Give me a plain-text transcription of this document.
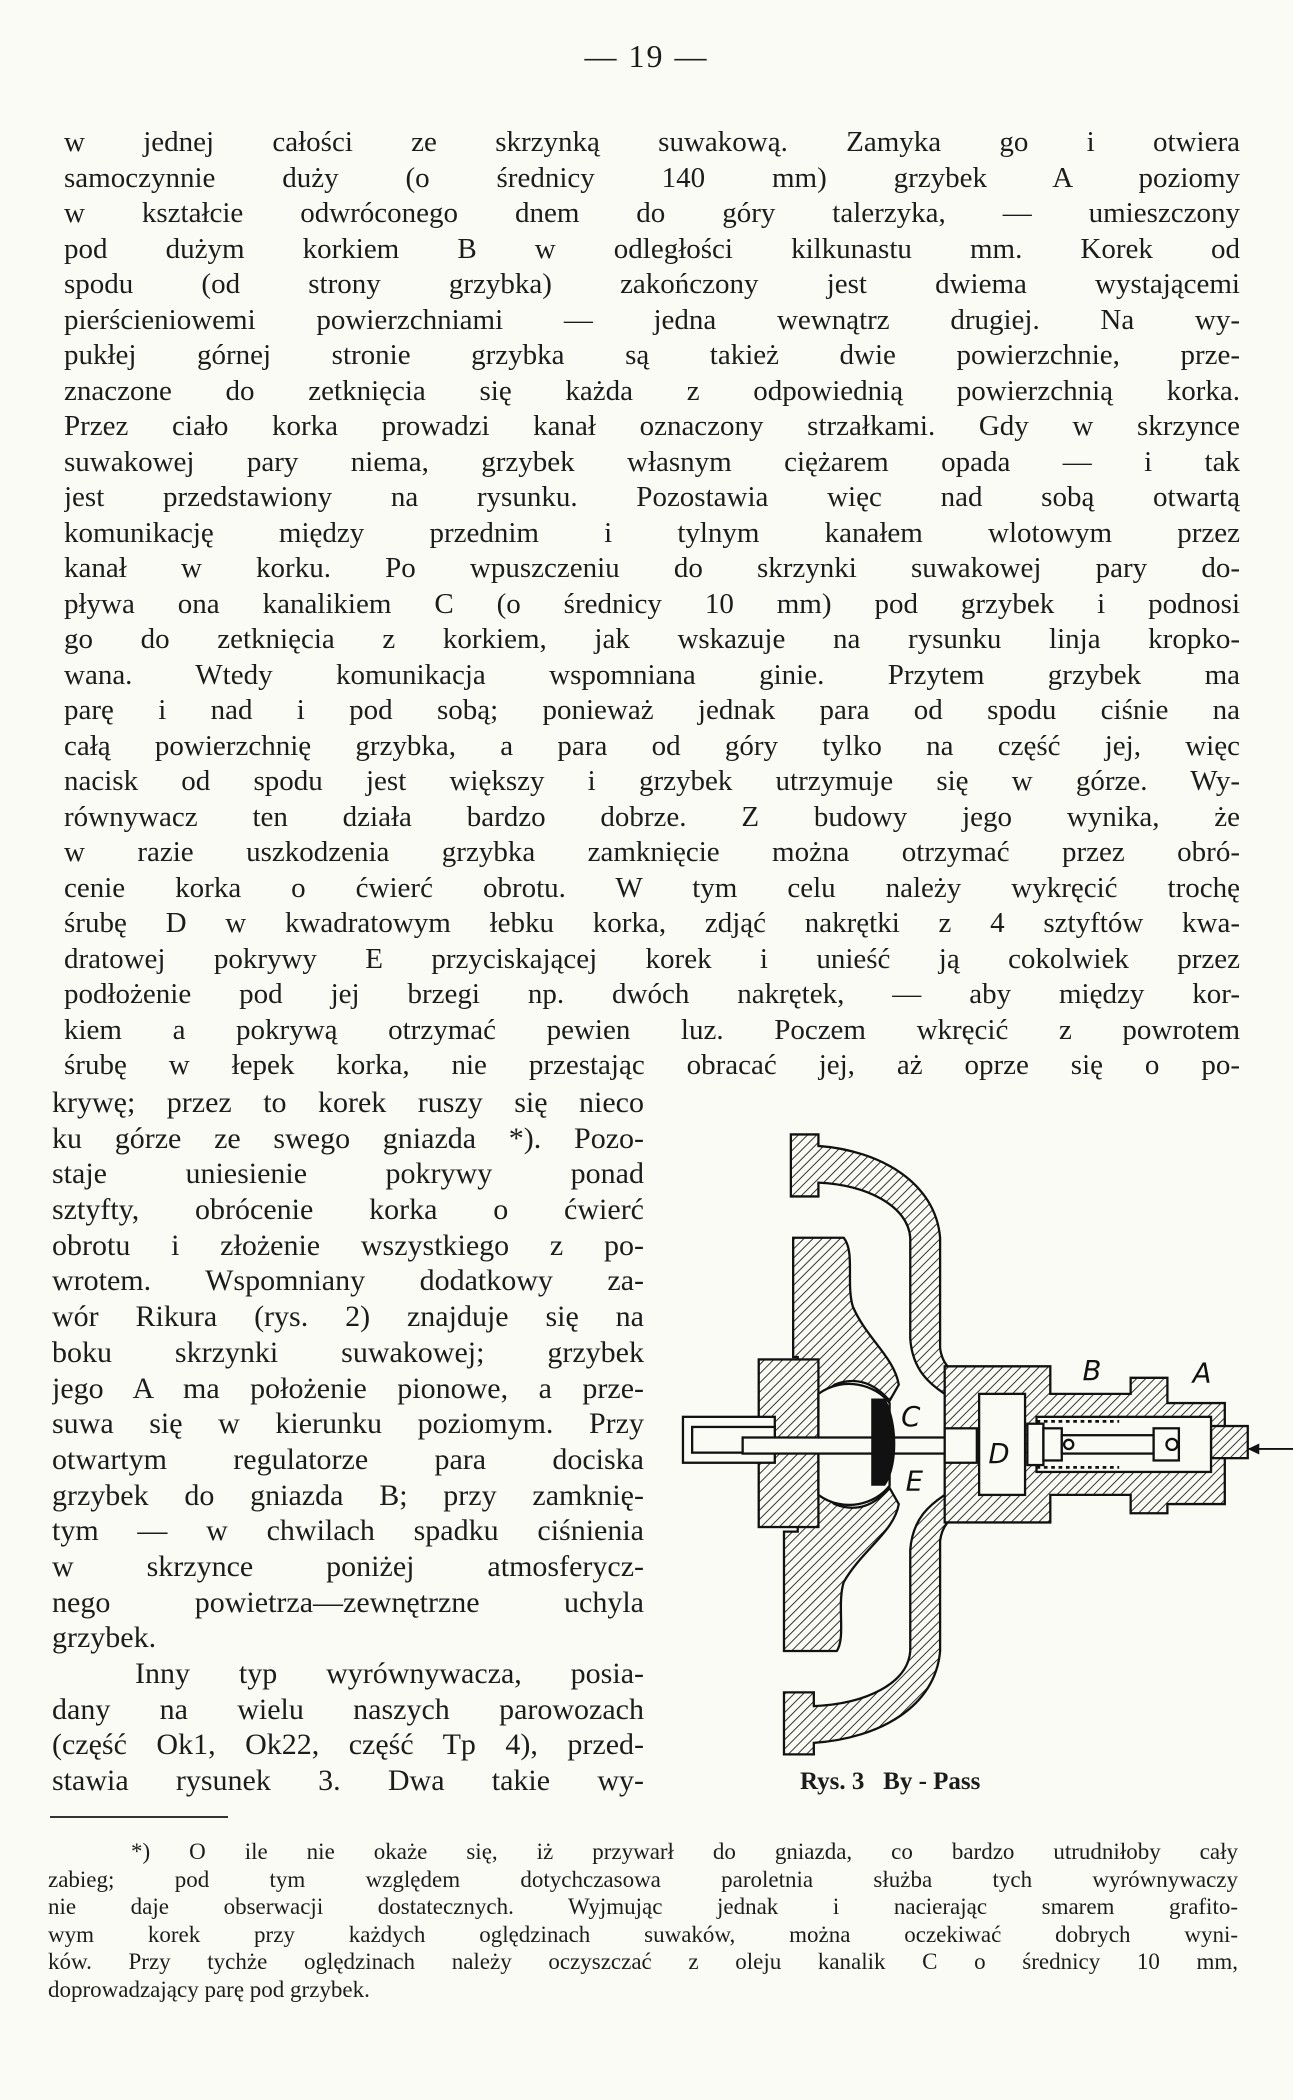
— 19 —
w jednej całości ze skrzynką suwakową. Zamyka go i otwiera
samoczynnie duży (o średnicy 140 mm) grzybek A poziomy
w kształcie odwróconego dnem do góry talerzyka, — umieszczony
pod dużym korkiem B w odległości kilkunastu mm. Korek od
spodu (od strony grzybka) zakończony jest dwiema wystającemi
pierścieniowemi powierzchniami — jedna wewnątrz drugiej. Na wy-
pukłej górnej stronie grzybka są takież dwie powierzchnie, prze-
znaczone do zetknięcia się każda z odpowiednią powierzchnią korka.
Przez ciało korka prowadzi kanał oznaczony strzałkami. Gdy w skrzynce
suwakowej pary niema, grzybek własnym ciężarem opada — i tak
jest przedstawiony na rysunku. Pozostawia więc nad sobą otwartą
komunikację między przednim i tylnym kanałem wlotowym przez
kanał w korku. Po wpuszczeniu do skrzynki suwakowej pary do-
pływa ona kanalikiem C (o średnicy 10 mm) pod grzybek i podnosi
go do zetknięcia z korkiem, jak wskazuje na rysunku linja kropko-
wana. Wtedy komunikacja wspomniana ginie. Przytem grzybek ma
parę i nad i pod sobą; ponieważ jednak para od spodu ciśnie na
całą powierzchnię grzybka, a para od góry tylko na część jej, więc
nacisk od spodu jest większy i grzybek utrzymuje się w górze. Wy-
równywacz ten działa bardzo dobrze. Z budowy jego wynika, że
w razie uszkodzenia grzybka zamknięcie można otrzymać przez obró-
cenie korka o ćwierć obrotu. W tym celu należy wykręcić trochę
śrubę D w kwadratowym łebku korka, zdjąć nakrętki z 4 sztyftów kwa-
dratowej pokrywy E przyciskającej korek i unieść ją cokolwiek przez
podłożenie pod jej brzegi np. dwóch nakrętek, — aby między kor-
kiem a pokrywą otrzymać pewien luz. Poczem wkręcić z powrotem
śrubę w łepek korka, nie przestając obracać jej, aż oprze się o po-
krywę; przez to korek ruszy się nieco
ku górze ze swego gniazda *). Pozo-
staje uniesienie pokrywy ponad
sztyfty, obrócenie korka o ćwierć
obrotu i złożenie wszystkiego z po-
wrotem. Wspomniany dodatkowy za-
wór Rikura (rys. 2) znajduje się na
boku skrzynki suwakowej; grzybek
jego A ma położenie pionowe, a prze-
suwa się w kierunku poziomym. Przy
otwartym regulatorze para dociska
grzybek do gniazda B; przy zamknię-
tym — w chwilach spadku ciśnienia
w skrzynce poniżej atmosferycz-
nego powietrza—zewnętrzne uchyla
grzybek.
Inny typ wyrównywacza, posia-
dany na wielu naszych parowozach
(część Ok1, Ok22, część Tp 4), przed-
stawia rysunek 3. Dwa takie wy-
C
D
E
B A
Rys. 3   By - Pass
*) O ile nie okaże się, iż przywarł do gniazda, co bardzo utrudniłoby cały
zabieg; pod tym względem dotychczasowa paroletnia służba tych wyrównywaczy
nie daje obserwacji dostatecznych. Wyjmując jednak i nacierając smarem grafito-
wym korek przy każdych oględzinach suwaków, można oczekiwać dobrych wyni-
ków. Przy tychże oględzinach należy oczyszczać z oleju kanalik C o średnicy 10 mm,
doprowadzający parę pod grzybek.
